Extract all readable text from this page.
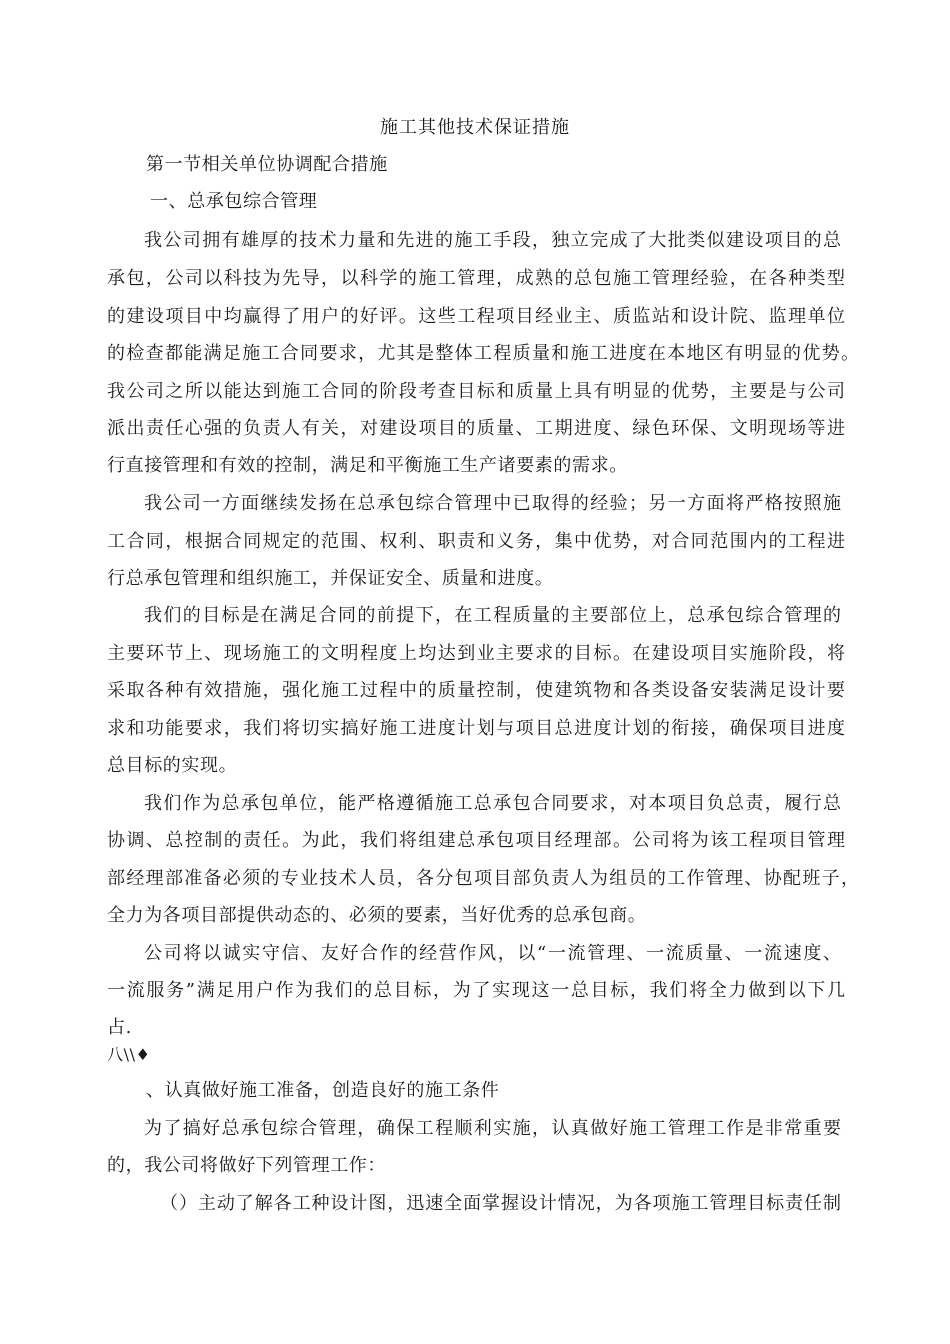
施工其他技术保证措施
第一节相关单位协调配合措施
一、总承包综合管理
我公司拥有雄厚的技术力量和先进的施工手段，独立完成了大批类似建设项目的总
承包，公司以科技为先导，以科学的施工管理，成熟的总包施工管理经验，在各种类型
的建设项目中均赢得了用户的好评。这些工程项目经业主、质监站和设计院、监理单位
的检查都能满足施工合同要求，尤其是整体工程质量和施工进度在本地区有明显的优势。
我公司之所以能达到施工合同的阶段考查目标和质量上具有明显的优势，主要是与公司
派出责任心强的负责人有关，对建设项目的质量、工期进度、绿色环保、文明现场等进
行直接管理和有效的控制，满足和平衡施工生产诸要素的需求。
我公司一方面继续发扬在总承包综合管理中已取得的经验；另一方面将严格按照施
工合同，根据合同规定的范围、权利、职责和义务，集中优势，对合同范围内的工程进
行总承包管理和组织施工，并保证安全、质量和进度。
我们的目标是在满足合同的前提下，在工程质量的主要部位上，总承包综合管理的
主要环节上、现场施工的文明程度上均达到业主要求的目标。在建设项目实施阶段，将
采取各种有效措施，强化施工过程中的质量控制，使建筑物和各类设备安装满足设计要
求和功能要求，我们将切实搞好施工进度计划与项目总进度计划的衔接，确保项目进度
总目标的实现。
我们作为总承包单位，能严格遵循施工总承包合同要求，对本项目负总责，履行总
协调、总控制的责任。为此，我们将组建总承包项目经理部。公司将为该工程项目管理
部经理部准备必须的专业技术人员，各分包项目部负责人为组员的工作管理、协配班子，
全力为各项目部提供动态的、必须的要素，当好优秀的总承包商。
公司将以诚实守信、友好合作的经营作风，以“一流管理、一流质量、一流速度、
一流服务”满足用户作为我们的总目标，为了实现这一总目标，我们将全力做到以下几
占.
八\\♦
、认真做好施工准备，创造良好的施工条件
为了搞好总承包综合管理，确保工程顺利实施，认真做好施工管理工作是非常重要
的，我公司将做好下列管理工作：
（）主动了解各工种设计图，迅速全面掌握设计情况，为各项施工管理目标责任制
